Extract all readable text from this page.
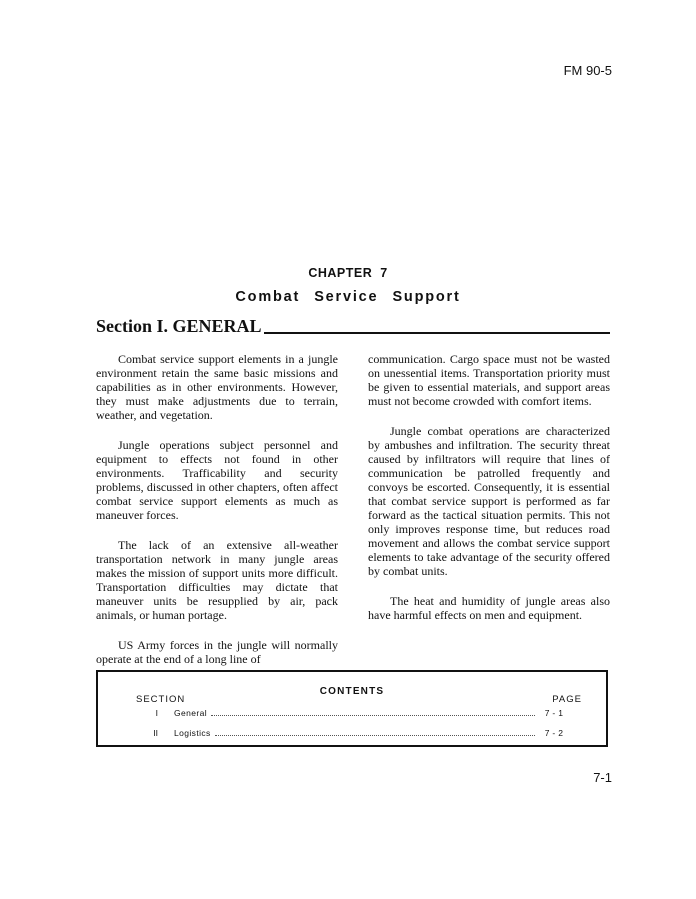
FM 90-5
CHAPTER 7
Combat Service Support
Section I. GENERAL

Combat service support elements in a jungle environment retain the same basic missions and capabilities as in other environments. However, they must make adjustments due to terrain, weather, and vegetation.

Jungle operations subject personnel and equipment to effects not found in other environments. Trafficability and security problems, discussed in other chapters, often affect combat service support elements as much as maneuver forces.

The lack of an extensive all-weather transportation network in many jungle areas makes the mission of support units more difficult. Transportation difficulties may dictate that maneuver units be resupplied by air, pack animals, or human portage.

US Army forces in the jungle will normally operate at the end of a long line of

communication. Cargo space must not be wasted on unessential items. Transportation priority must be given to essential materials, and support areas must not become crowded with comfort items.

Jungle combat operations are characterized by ambushes and infiltration. The security threat caused by infiltrators will require that lines of communication be patrolled frequently and convoys be escorted. Consequently, it is essential that combat service support is performed as far forward as the tactical situation permits. This not only improves response time, but reduces road movement and allows the combat service support elements to take advantage of the security offered by combat units.

The heat and humidity of jungle areas also have harmful effects on men and equipment.

CONTENTS
SECTION	PAGE
I General	7-1
II Logistics	7-2
7-1
